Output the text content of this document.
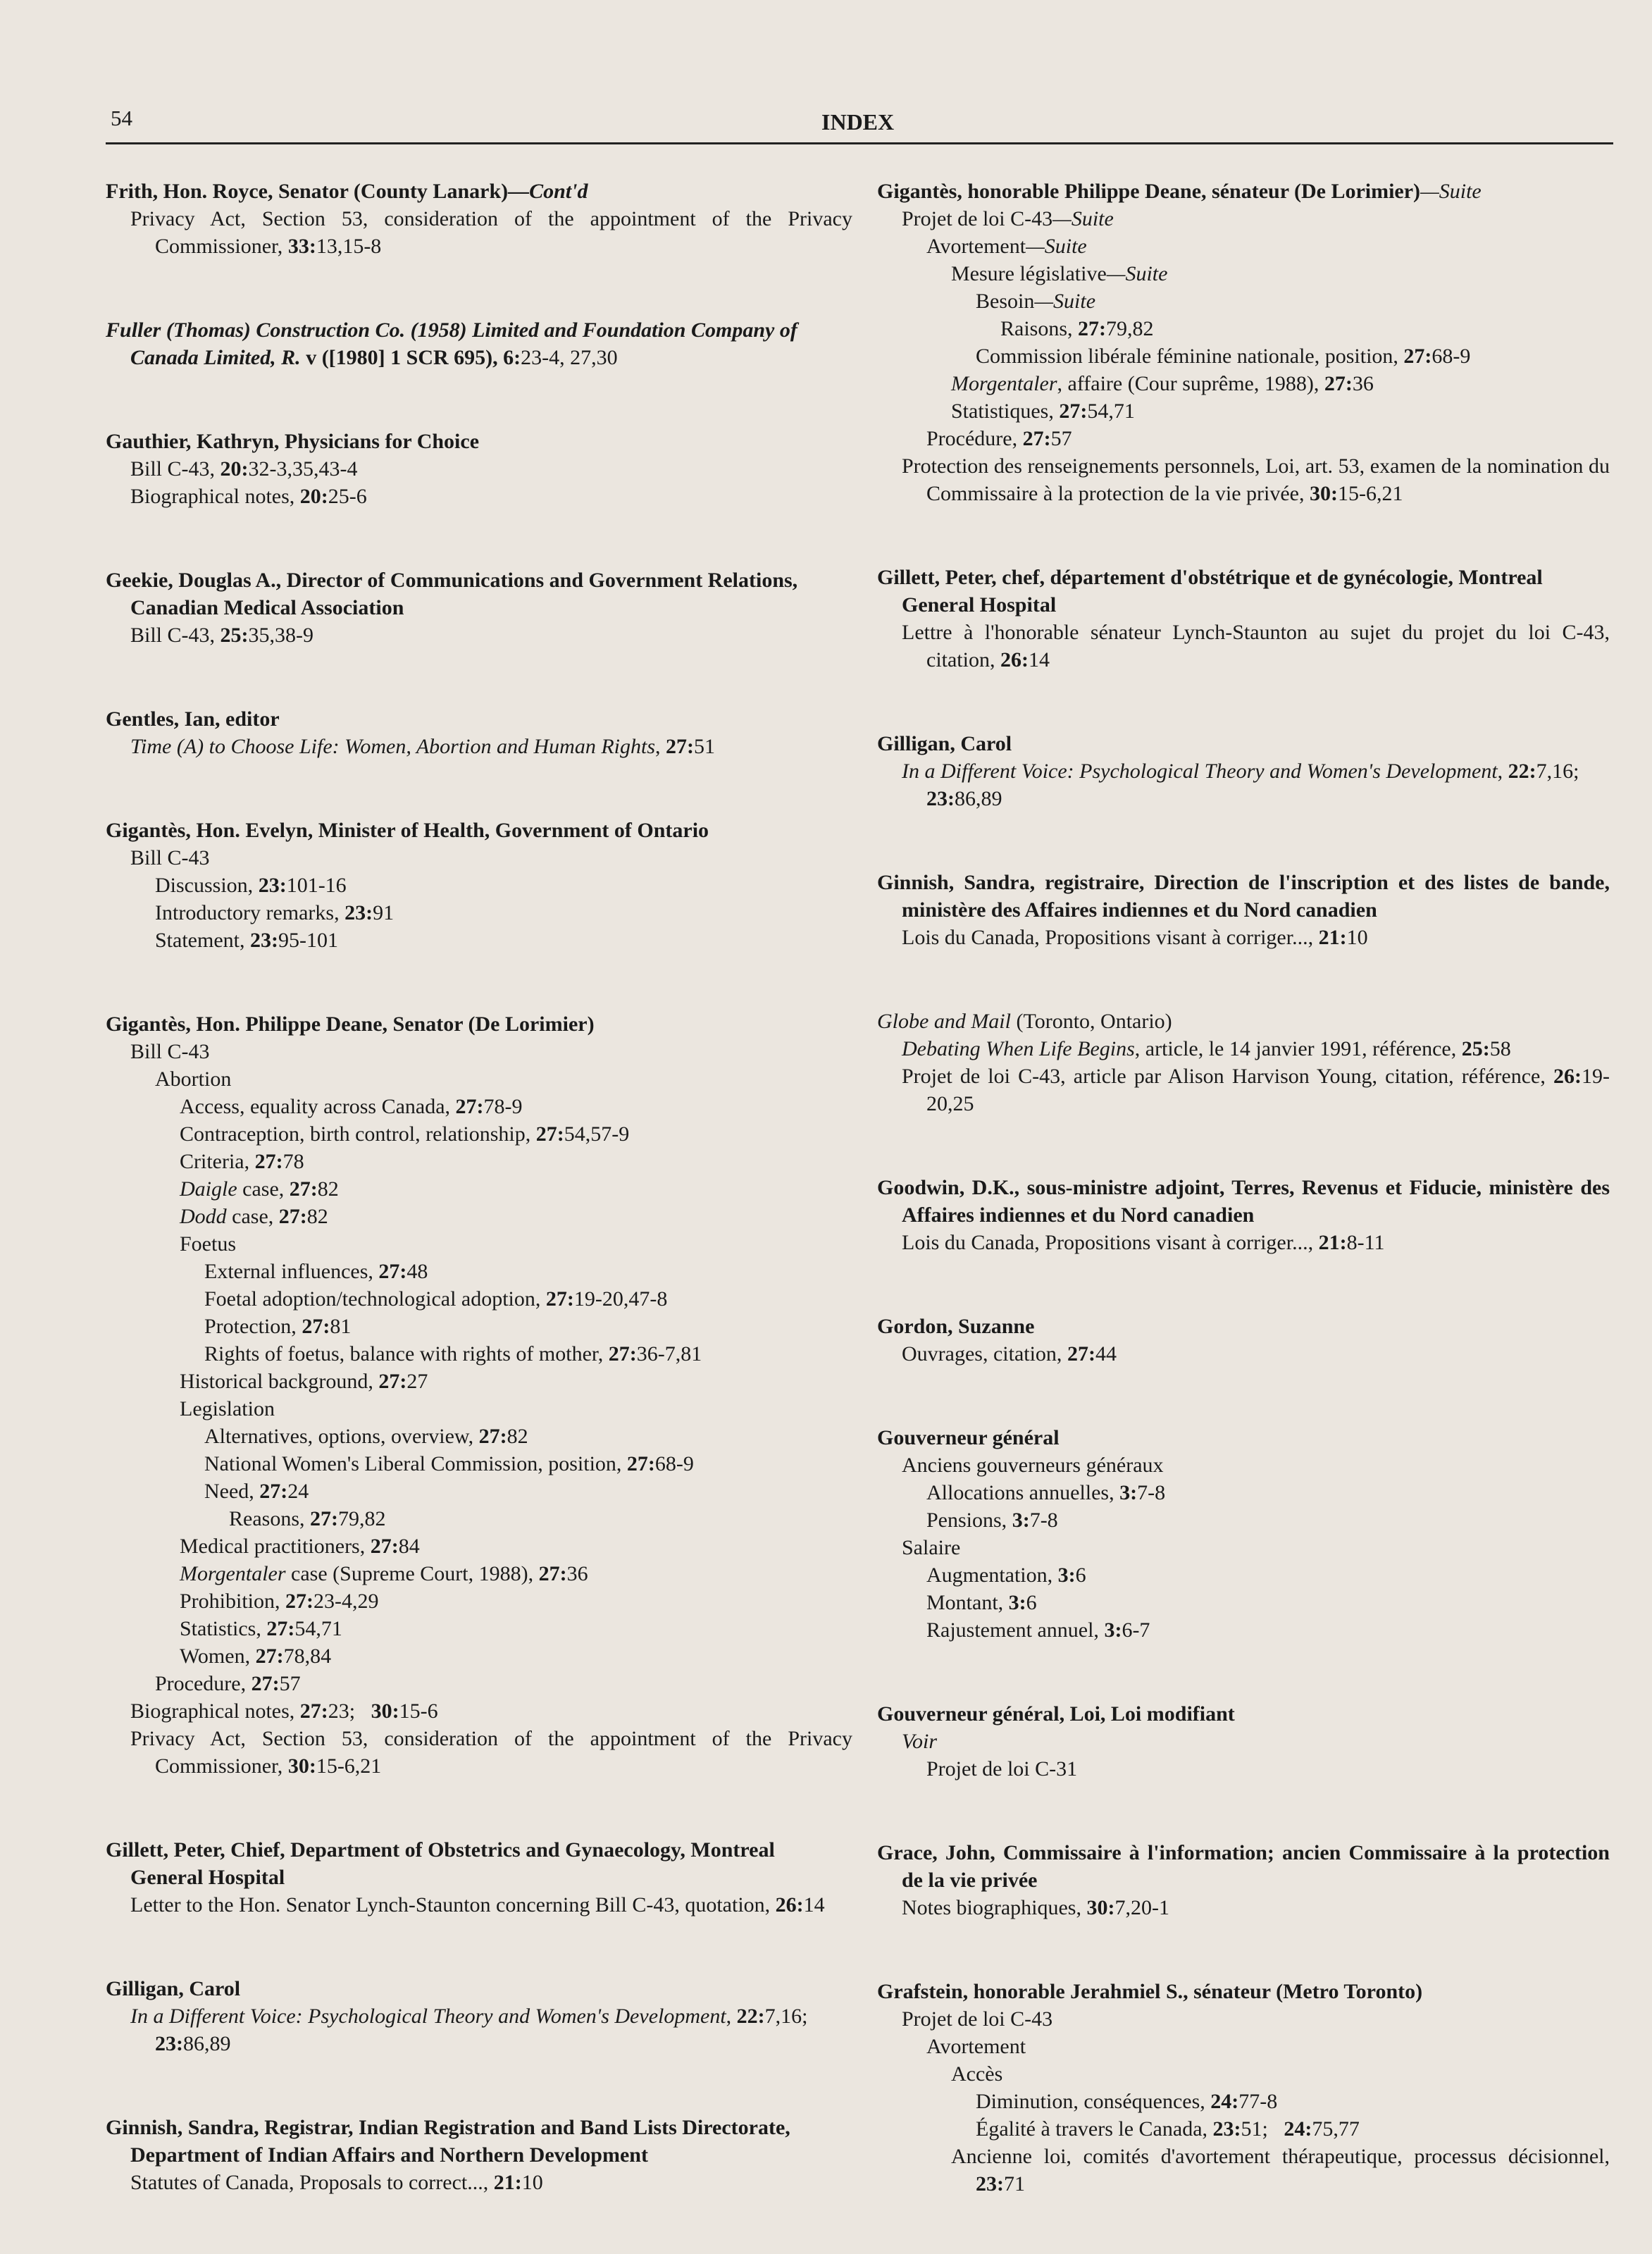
54	INDEX
Frith, Hon. Royce, Senator (County Lanark)—Cont'd
Privacy Act, Section 53, consideration of the appointment of the Privacy Commissioner, 33:13,15-8
Fuller (Thomas) Construction Co. (1958) Limited and Foundation Company of Canada Limited, R. v ([1980] 1 SCR 695), 6:23-4, 27,30
Gauthier, Kathryn, Physicians for Choice
Bill C-43, 20:32-3,35,43-4
Biographical notes, 20:25-6
Geekie, Douglas A., Director of Communications and Government Relations, Canadian Medical Association
Bill C-43, 25:35,38-9
Gentles, Ian, editor
Time (A) to Choose Life: Women, Abortion and Human Rights, 27:51
Gigantès, Hon. Evelyn, Minister of Health, Government of Ontario
Bill C-43
Discussion, 23:101-16
Introductory remarks, 23:91
Statement, 23:95-101
Gigantès, Hon. Philippe Deane, Senator (De Lorimier)
Bill C-43
Abortion
Access, equality across Canada, 27:78-9
Contraception, birth control, relationship, 27:54,57-9
Criteria, 27:78
Daigle case, 27:82
Dodd case, 27:82
Foetus
External influences, 27:48
Foetal adoption/technological adoption, 27:19-20,47-8
Protection, 27:81
Rights of foetus, balance with rights of mother, 27:36-7,81
Historical background, 27:27
Legislation
Alternatives, options, overview, 27:82
National Women's Liberal Commission, position, 27:68-9
Need, 27:24
Reasons, 27:79,82
Medical practitioners, 27:84
Morgentaler case (Supreme Court, 1988), 27:36
Prohibition, 27:23-4,29
Statistics, 27:54,71
Women, 27:78,84
Procedure, 27:57
Biographical notes, 27:23; 30:15-6
Privacy Act, Section 53, consideration of the appointment of the Privacy Commissioner, 30:15-6,21
Gillett, Peter, Chief, Department of Obstetrics and Gynaecology, Montreal General Hospital
Letter to the Hon. Senator Lynch-Staunton concerning Bill C-43, quotation, 26:14
Gilligan, Carol
In a Different Voice: Psychological Theory and Women's Development, 22:7,16; 23:86,89
Ginnish, Sandra, Registrar, Indian Registration and Band Lists Directorate, Department of Indian Affairs and Northern Development
Statutes of Canada, Proposals to correct..., 21:10
Gigantès, honorable Philippe Deane, sénateur (De Lorimier)—Suite
Projet de loi C-43—Suite
Avortement—Suite
Mesure législative—Suite
Besoin—Suite
Raisons, 27:79,82
Commission libérale féminine nationale, position, 27:68-9
Morgentaler, affaire (Cour suprême, 1988), 27:36
Statistiques, 27:54,71
Procédure, 27:57
Protection des renseignements personnels, Loi, art. 53, examen de la nomination du Commissaire à la protection de la vie privée, 30:15-6,21
Gillett, Peter, chef, département d'obstétrique et de gynécologie, Montreal General Hospital
Lettre à l'honorable sénateur Lynch-Staunton au sujet du projet du loi C-43, citation, 26:14
Gilligan, Carol
In a Different Voice: Psychological Theory and Women's Development, 22:7,16; 23:86,89
Ginnish, Sandra, registraire, Direction de l'inscription et des listes de bande, ministère des Affaires indiennes et du Nord canadien
Lois du Canada, Propositions visant à corriger..., 21:10
Globe and Mail (Toronto, Ontario)
Debating When Life Begins, article, le 14 janvier 1991, référence, 25:58
Projet de loi C-43, article par Alison Harvison Young, citation, référence, 26:19-20,25
Goodwin, D.K., sous-ministre adjoint, Terres, Revenus et Fiducie, ministère des Affaires indiennes et du Nord canadien
Lois du Canada, Propositions visant à corriger..., 21:8-11
Gordon, Suzanne
Ouvrages, citation, 27:44
Gouverneur général
Anciens gouverneurs généraux
Allocations annuelles, 3:7-8
Pensions, 3:7-8
Salaire
Augmentation, 3:6
Montant, 3:6
Rajustement annuel, 3:6-7
Gouverneur général, Loi, Loi modifiant
Voir
Projet de loi C-31
Grace, John, Commissaire à l'information; ancien Commissaire à la protection de la vie privée
Notes biographiques, 30:7,20-1
Grafstein, honorable Jerahmiel S., sénateur (Metro Toronto)
Projet de loi C-43
Avortement
Accès
Diminution, conséquences, 24:77-8
Égalité à travers le Canada, 23:51; 24:75,77
Ancienne loi, comités d'avortement thérapeutique, processus décisionnel, 23:71
